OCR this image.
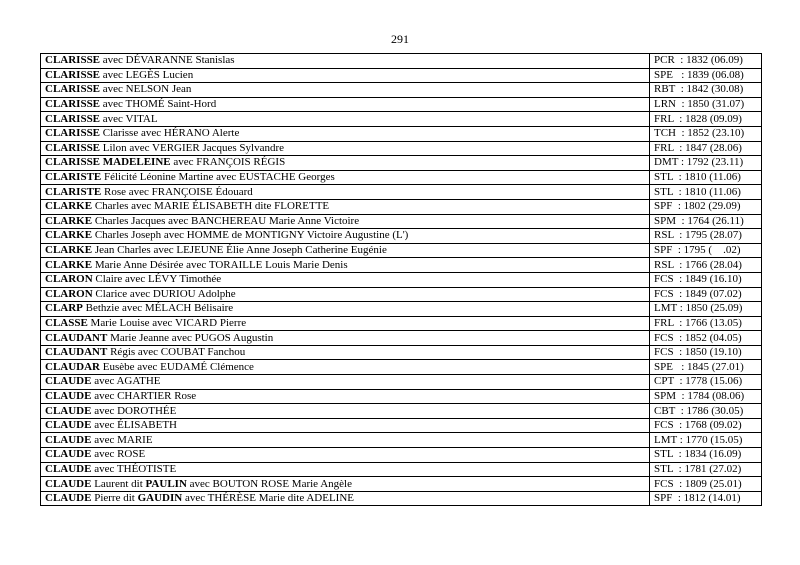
291
CLARISSE avec DÉVARANNE Stanislas	PCR  : 1832 (06.09)
CLARISSE avec LEGÈS Lucien	SPE   : 1839 (06.08)
CLARISSE avec NELSON Jean	RBT  : 1842 (30.08)
CLARISSE avec THOMÉ Saint-Hord	LRN  : 1850 (31.07)
CLARISSE avec VITAL	FRL  : 1828 (09.09)
CLARISSE Clarisse avec HÉRANO Alerte	TCH  : 1852 (23.10)
CLARISSE Lilon avec VERGIER Jacques Sylvandre	FRL  : 1847 (28.06)
CLARISSE MADELEINE avec FRANÇOIS RÉGIS	DMT : 1792 (23.11)
CLARISTE Félicité Léonine Martine avec EUSTACHE Georges	STL  : 1810 (11.06)
CLARISTE Rose avec FRANÇOISE Édouard	STL  : 1810 (11.06)
CLARKE Charles avec MARIE ÉLISABETH dite FLORETTE	SPF  : 1802 (29.09)
CLARKE Charles Jacques avec BANCHEREAU Marie Anne Victoire	SPM  : 1764 (26.11)
CLARKE Charles Joseph avec HOMME de MONTIGNY Victoire Augustine (L')	RSL  : 1795 (28.07)
CLARKE Jean Charles avec LEJEUNE Élie Anne Joseph Catherine Eugénie	SPF  : 1795 (    .02)
CLARKE Marie Anne Désirée avec TORAILLE Louis Marie Denis	RSL  : 1766 (28.04)
CLARON Claire avec LÉVY Timothée	FCS  : 1849 (16.10)
CLARON Clarice avec DURIOU Adolphe	FCS  : 1849 (07.02)
CLARP Bethzie avec MÉLACH Bélisaire	LMT : 1850 (25.09)
CLASSE Marie Louise avec VICARD Pierre	FRL  : 1766 (13.05)
CLAUDANT Marie Jeanne avec PUGOS Augustin	FCS  : 1852 (04.05)
CLAUDANT Régis avec COUBAT Fanchou	FCS  : 1850 (19.10)
CLAUDAR Eusèbe avec EUDAMÉ Clémence	SPE   : 1845 (27.01)
CLAUDE avec AGATHE	CPT  : 1778 (15.06)
CLAUDE avec CHARTIER Rose	SPM  : 1784 (08.06)
CLAUDE avec DOROTHÉE	CBT  : 1786 (30.05)
CLAUDE avec ÉLISABETH	FCS  : 1768 (09.02)
CLAUDE avec MARIE	LMT : 1770 (15.05)
CLAUDE avec ROSE	STL  : 1834 (16.09)
CLAUDE avec THÉOTISTE	STL  : 1781 (27.02)
CLAUDE Laurent dit PAULIN avec BOUTON ROSE Marie Angèle	FCS  : 1809 (25.01)
CLAUDE Pierre dit GAUDIN avec THÉRÈSE Marie dite ADELINE	SPF  : 1812 (14.01)
